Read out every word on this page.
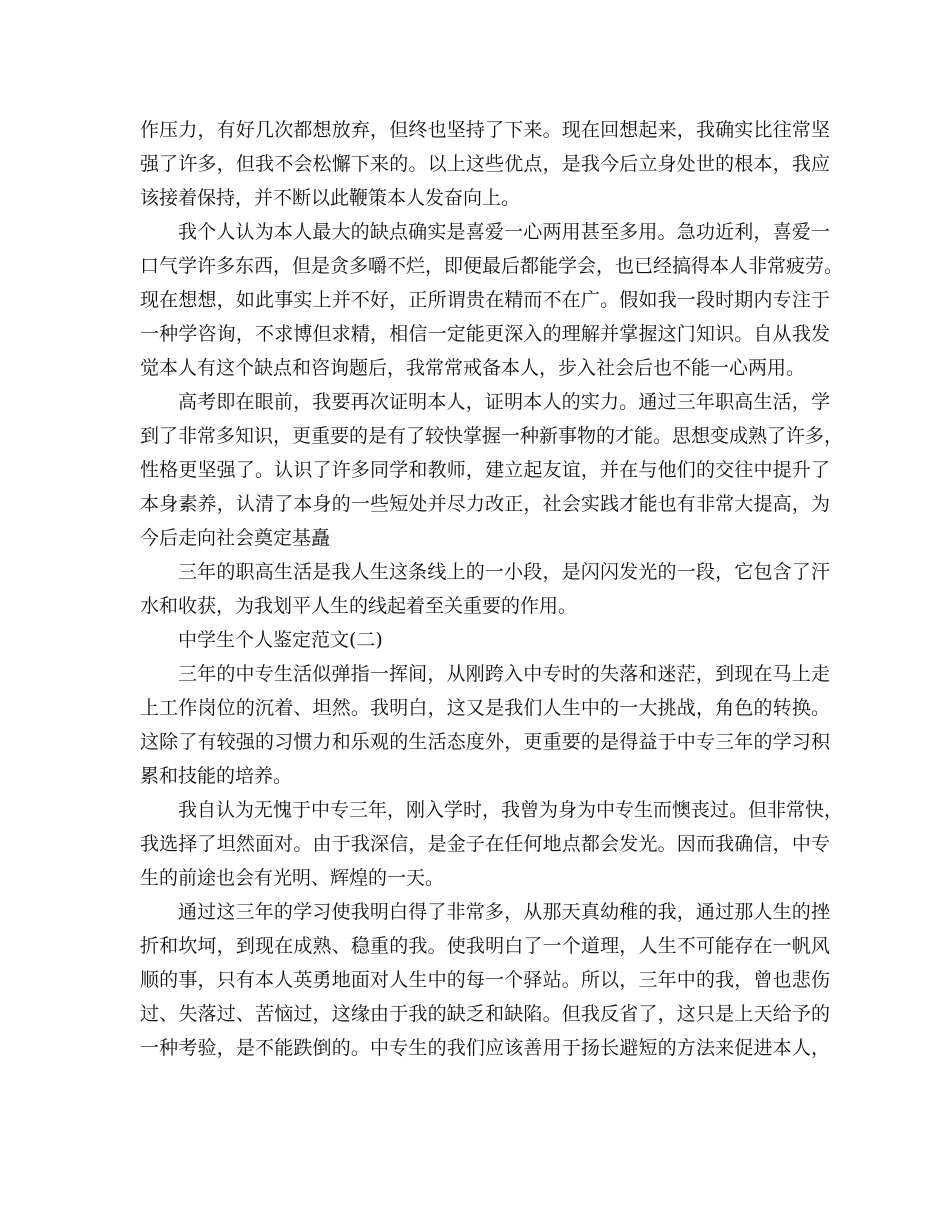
作压力，有好几次都想放弃，但终也坚持了下来。现在回想起来，我确实比往常坚
强了许多，但我不会松懈下来的。以上这些优点，是我今后立身处世的根本，我应
该接着保持，并不断以此鞭策本人发奋向上。
我个人认为本人最大的缺点确实是喜爱一心两用甚至多用。急功近利，喜爱一
口气学许多东西，但是贪多嚼不烂，即便最后都能学会，也已经搞得本人非常疲劳。
现在想想，如此事实上并不好，正所谓贵在精而不在广。假如我一段时期内专注于
一种学咨询，不求博但求精，相信一定能更深入的理解并掌握这门知识。自从我发
觉本人有这个缺点和咨询题后，我常常戒备本人，步入社会后也不能一心两用。
高考即在眼前，我要再次证明本人，证明本人的实力。通过三年职高生活，学
到了非常多知识，更重要的是有了较快掌握一种新事物的才能。思想变成熟了许多，
性格更坚强了。认识了许多同学和教师，建立起友谊，并在与他们的交往中提升了
本身素养，认清了本身的一些短处并尽力改正，社会实践才能也有非常大提高，为
今后走向社会奠定基矗
三年的职高生活是我人生这条线上的一小段，是闪闪发光的一段，它包含了汗
水和收获，为我划平人生的线起着至关重要的作用。
中学生个人鉴定范文(二)
三年的中专生活似弹指一挥间，从刚跨入中专时的失落和迷茫，到现在马上走
上工作岗位的沉着、坦然。我明白，这又是我们人生中的一大挑战，角色的转换。
这除了有较强的习惯力和乐观的生活态度外，更重要的是得益于中专三年的学习积
累和技能的培养。
我自认为无愧于中专三年，刚入学时，我曾为身为中专生而懊丧过。但非常快，
我选择了坦然面对。由于我深信，是金子在任何地点都会发光。因而我确信，中专
生的前途也会有光明、辉煌的一天。
通过这三年的学习使我明白得了非常多，从那天真幼稚的我，通过那人生的挫
折和坎坷，到现在成熟、稳重的我。使我明白了一个道理，人生不可能存在一帆风
顺的事，只有本人英勇地面对人生中的每一个驿站。所以，三年中的我，曾也悲伤
过、失落过、苦恼过，这缘由于我的缺乏和缺陷。但我反省了，这只是上天给予的
一种考验，是不能跌倒的。中专生的我们应该善用于扬长避短的方法来促进本人，
